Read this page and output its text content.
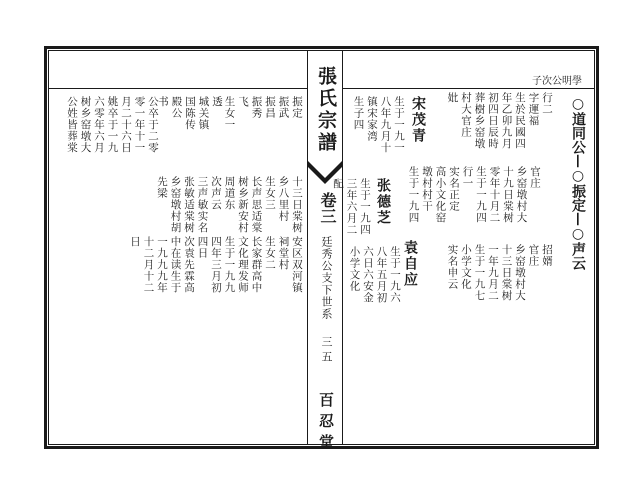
子次公明學
張氏宗譜
卷三
廷秀公支下世系
三五
百忍堂
○道同公—○振定—○声云
宋茂青
张德芝
袁自应
行二
字運福
生於民國四
年乙卯九月
初四日辰時
葬樹乡窑墩
村大官庄
妣
生于一九一
八年九月十
镇宋家湾
生子四
生于一九四
三年六月二
配	官庄
乡窑墩村大
十九日棠树
零年十月二
生于一九四
行一
实名正定
高小文化窑
墩村村干
生于一九四
生于一九六
八年五月初
六日六安金
小学文化	招婿
官庄
乡窑墩村大
十三日棠树
一年九月二
生于一九七
小学文化
实名申云
振定
振武
振昌
振秀
飞
生女一
透
城关镇
国陈传
殿公
书
公卒于二零
零一年十一
月二十六日
姚卒于一九
六零年六月
树乡窑墩大
公姓皆葬棠
十三日棠树
乡八里村
生女三
长声思适棠
树乡新安村
周道东
次声云
三声敏实名
张敏适棠树
乡窑墩村胡
先梁
安区双河镇
祠堂村
生女二
长家群高中
文化理发师
生于一九九
四年三月初
四日
次袁先霖高
中在读生于
一九九九年
十二月十二
日
